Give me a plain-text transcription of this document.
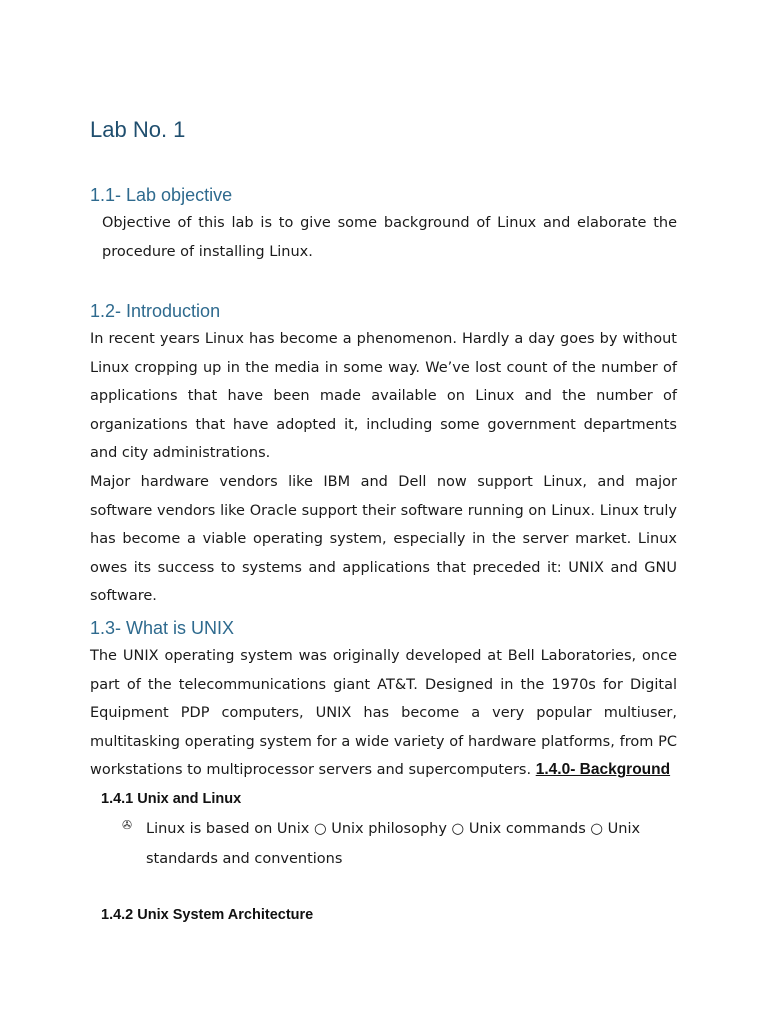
Lab No. 1
1.1- Lab objective

Objective of this lab is to give some background of Linux and elaborate the procedure of installing Linux.

1.2- Introduction

In recent years Linux has become a phenomenon. Hardly a day goes by without Linux cropping up in the media in some way. We’ve lost count of the number of applications that have been made available on Linux and the number of organizations that have adopted it, including some government departments and city administrations.

Major hardware vendors like IBM and Dell now support Linux, and major software vendors like Oracle support their software running on Linux. Linux truly has become a viable operating system, especially in the server market. Linux owes its success to systems and applications that preceded it: UNIX and GNU software.

1.3- What is UNIX

The UNIX operating system was originally developed at Bell Laboratories, once part of the telecommunications giant AT&T. Designed in the 1970s for Digital Equipment PDP computers, UNIX has become a very popular multiuser, multitasking operating system for a wide variety of hardware platforms, from PC workstations to multiprocessor servers and supercomputers. 1.4.0- Background

1.4.1 Unix and Linux
✇ Linux is based on Unix ○ Unix philosophy ○ Unix commands ○ Unix standards and conventions

1.4.2 Unix System Architecture
